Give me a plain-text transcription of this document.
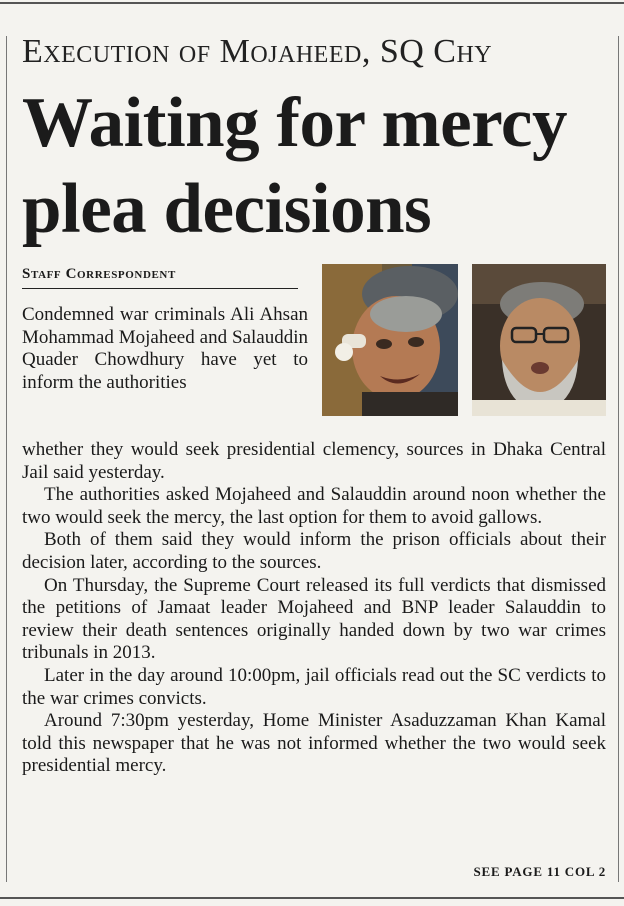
Execution of Mojaheed, SQ Chy
Waiting for mercy plea decisions
Staff Correspondent
Condemned war criminals Ali Ahsan Mohammad Mojaheed and Salauddin Quader Chowdhury have yet to inform the authorities

whether they would seek presidential clemency, sources in Dhaka Central Jail said yesterday.

The authorities asked Mojaheed and Salauddin around noon whether the two would seek the mercy, the last option for them to avoid gallows.

Both of them said they would inform the prison officials about their decision later, according to the sources.

On Thursday, the Supreme Court released its full verdicts that dismissed the petitions of Jamaat leader Mojaheed and BNP leader Salauddin to review their death sentences originally handed down by two war crimes tribunals in 2013.

Later in the day around 10:00pm, jail officials read out the SC verdicts to the war crimes convicts.

Around 7:30pm yesterday, Home Minister Asaduzzaman Khan Kamal told this newspaper that he was not informed whether the two would seek presidential mercy.

SEE PAGE 11 COL 2
